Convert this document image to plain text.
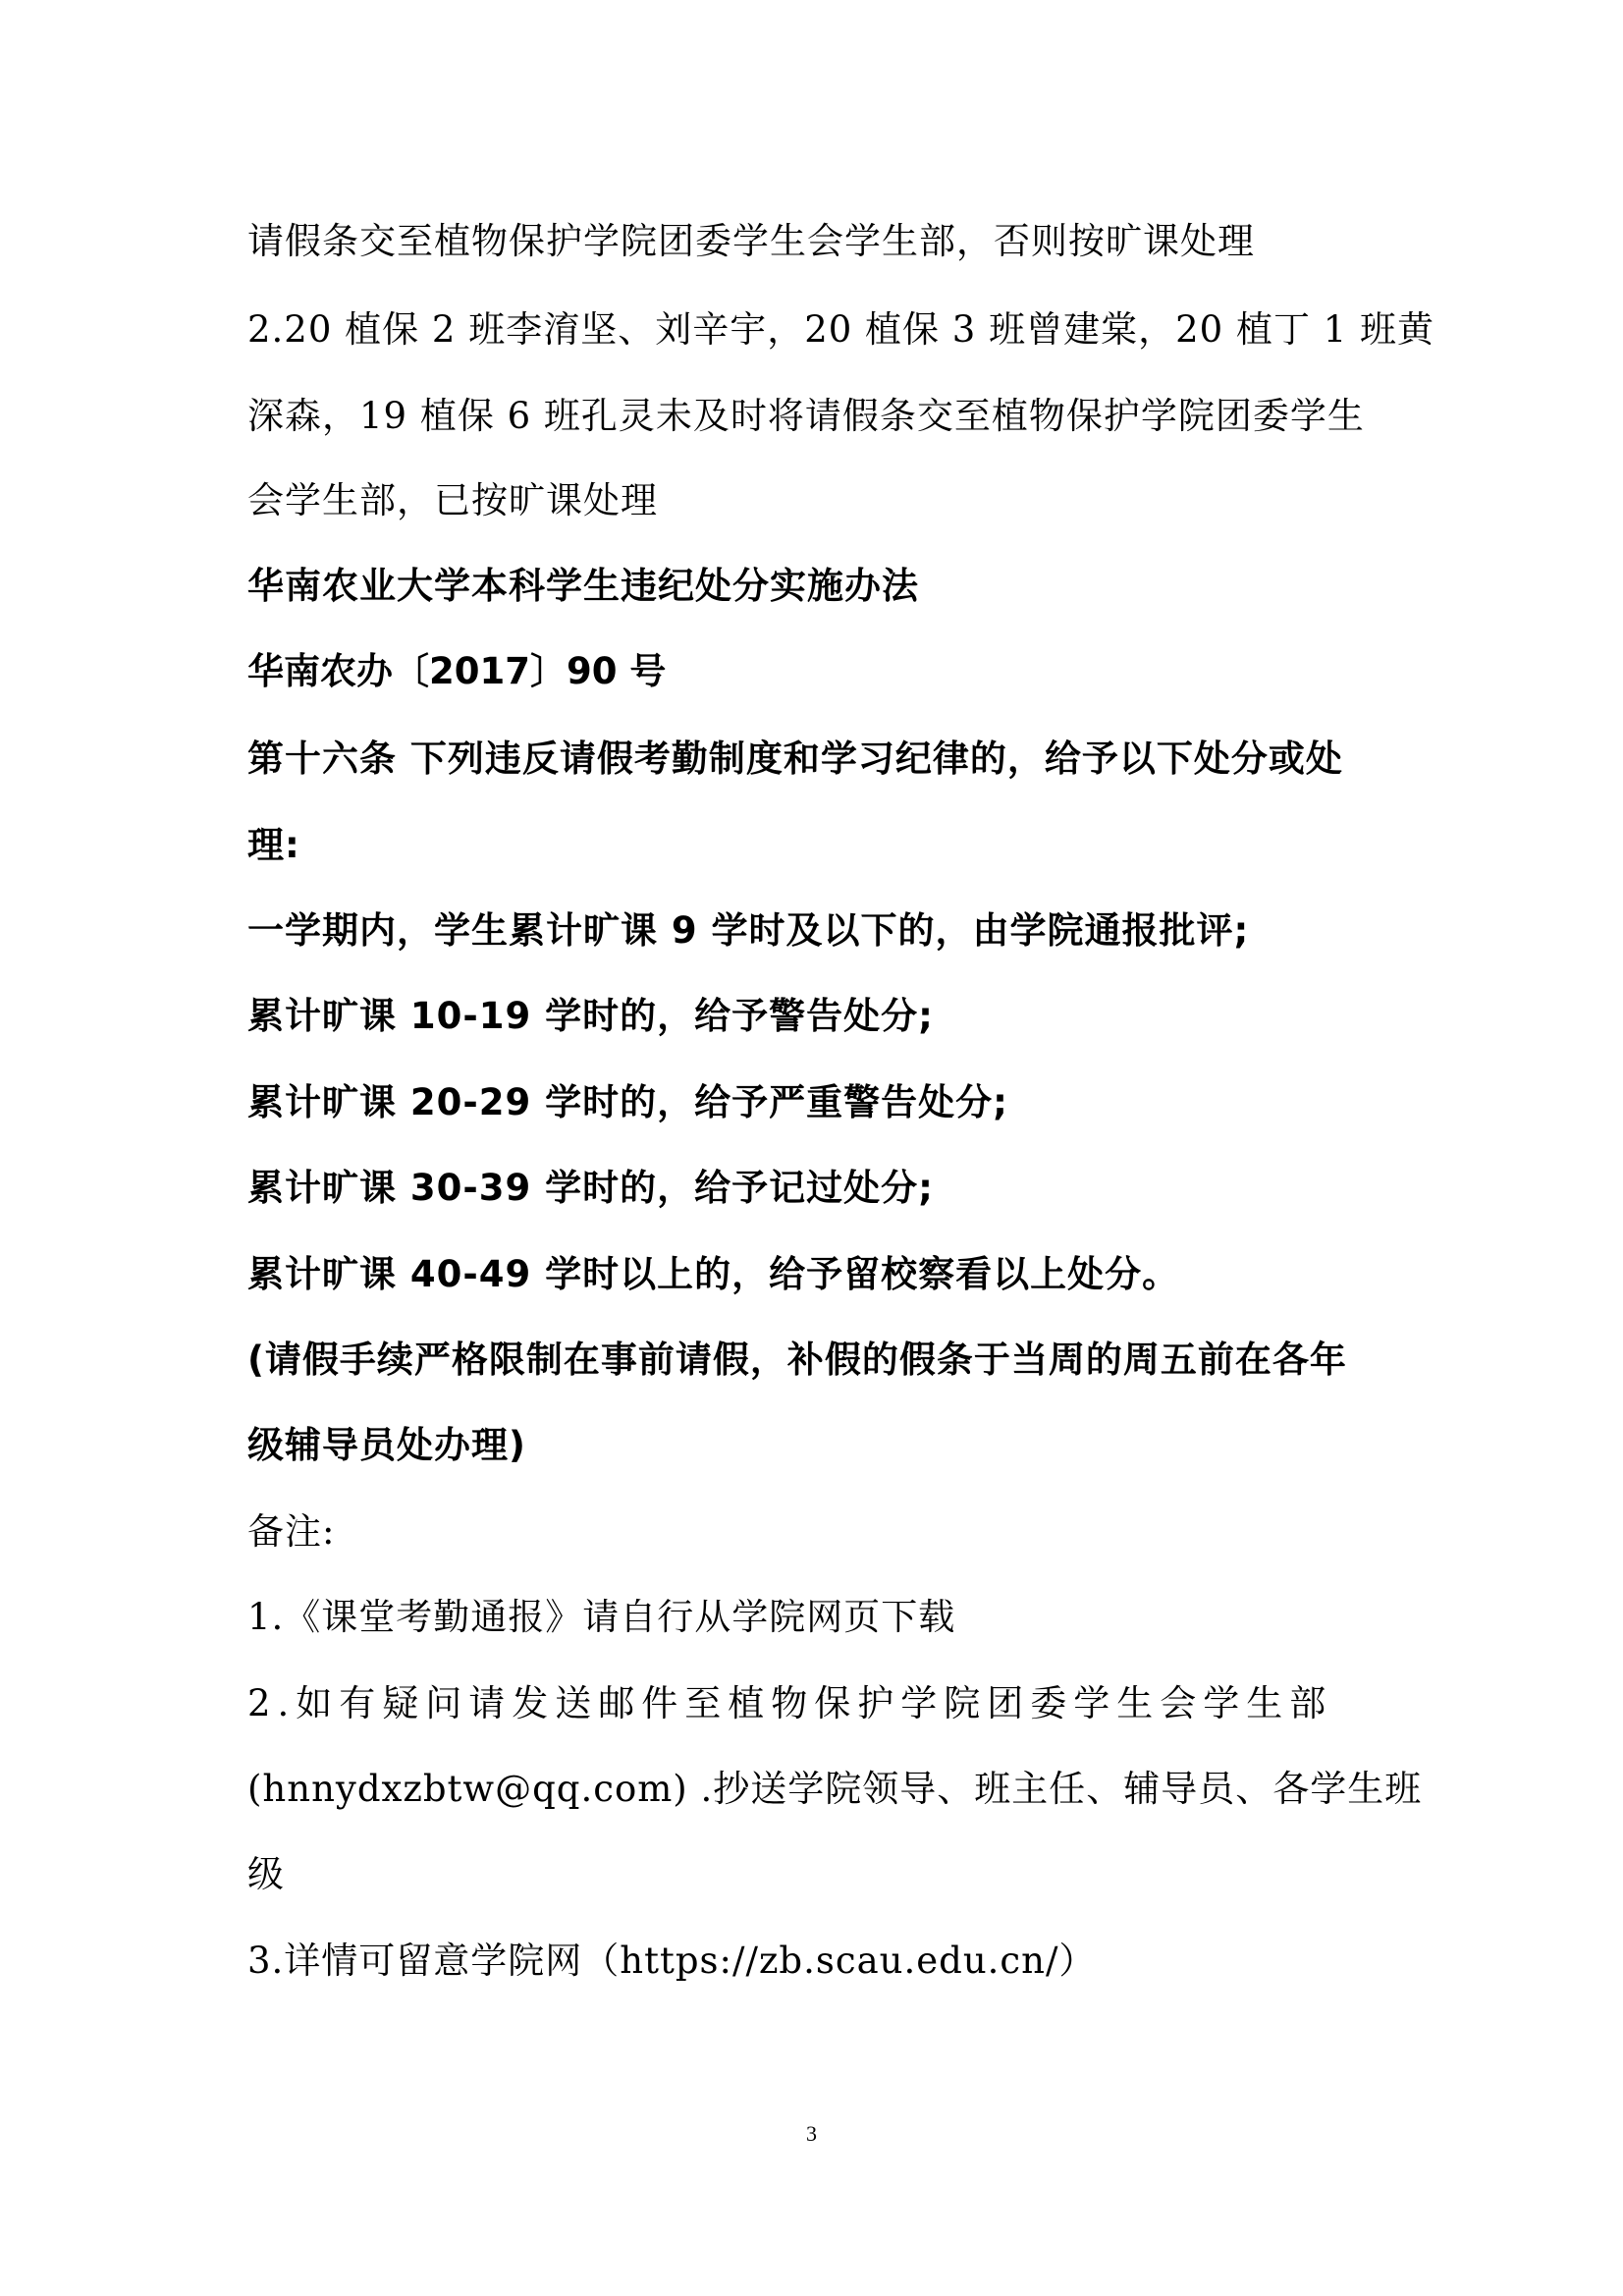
请假条交至植物保护学院团委学生会学生部，否则按旷课处理
2.20 植保 2 班李淯坚、刘辛宇，20 植保 3 班曾建棠，20 植丁 1 班黄
深森，19 植保 6 班孔灵未及时将请假条交至植物保护学院团委学生
会学生部，已按旷课处理
华南农业大学本科学生违纪处分实施办法
华南农办〔2017〕90 号
第十六条 下列违反请假考勤制度和学习纪律的，给予以下处分或处
理:
一学期内，学生累计旷课 9 学时及以下的，由学院通报批评;
累计旷课 10-19 学时的，给予警告处分;
累计旷课 20-29 学时的，给予严重警告处分;
累计旷课 30-39 学时的，给予记过处分;
累计旷课 40-49 学时以上的，给予留校察看以上处分。
(请假手续严格限制在事前请假，补假的假条于当周的周五前在各年
级辅导员处办理)
备注:
1.《课堂考勤通报》请自行从学院网页下载
2.如有疑问请发送邮件至植物保护学院团委学生会学生部
(hnnydxzbtw@qq.com) .抄送学院领导、班主任、辅导员、各学生班
级
3.详情可留意学院网（https://zb.scau.edu.cn/）
3
